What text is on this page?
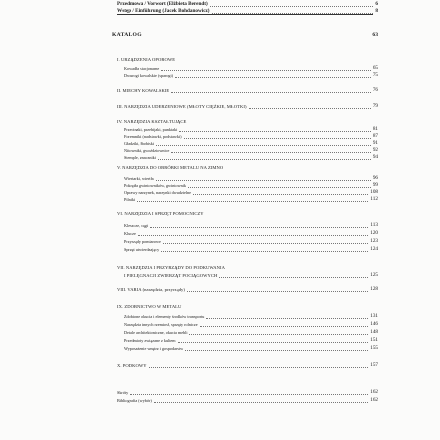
Przedmowa / Vorwort (Elżbieta Berendt)	6
Wstęp / Einführung (Jacek Bohdanowicz)	8
KATALOG	63
I. URZĄDZENIA OPOROWE
Kowadła stacjonarne	65
Dwurogi kowalskie (sparogi)	75
II. MIECHY KOWALSKIE	76
III. NARZĘDZIA UDERZENIOWE (MŁOTY CIĘŻKIE, MŁOTKI)	79
IV. NARZĘDZIA KSZTAŁTUJĄCE
Przecinaki, przebijaki, punktaki	81
Foremniki (nadstawki, podstawki)	87
Gładziki, łbobiski	91
Nitowniki, gwoździownice	92
Stemple, znaczniki	94
V. NARZĘDZIA DO OBRÓBKI METALU NA ZIMNO
Wiertarki, wiertła	96
Pokrętła gwintowników, gwintownik	99
Oprawy narzynek, narzynki dwudzielne	108
Pilniki	112
VI. NARZĘDZIA I SPRZĘT POMOCNICZY
Kleszcze, cęgi	113
Klucze	120
Przyrządy pomiarowe	123
Sprzęt utwierdzający	124
VII. NARZĘDZIA I PRZYRZĄDY DO PODKUWANIA
I PIELĘGNACJI ZWIERZĄT POCIĄGOWYCH	125
VIII. VARIA (narzędzia, przyrządy)	128
IX. ZDOBNICTWO W METALU
Zdobione okucia i elementy środków transportu	131
Narzędzia innych rzemiosł, sprzęty rolnicze	146
Detale architektoniczne, okucia mebli	148
Przedmioty związane z kultem	151
Wyposażenie wnętrz i gospodarstw	155
X. PODKOWY	157
Skróty	162
Bibliografia (wybór)	162
